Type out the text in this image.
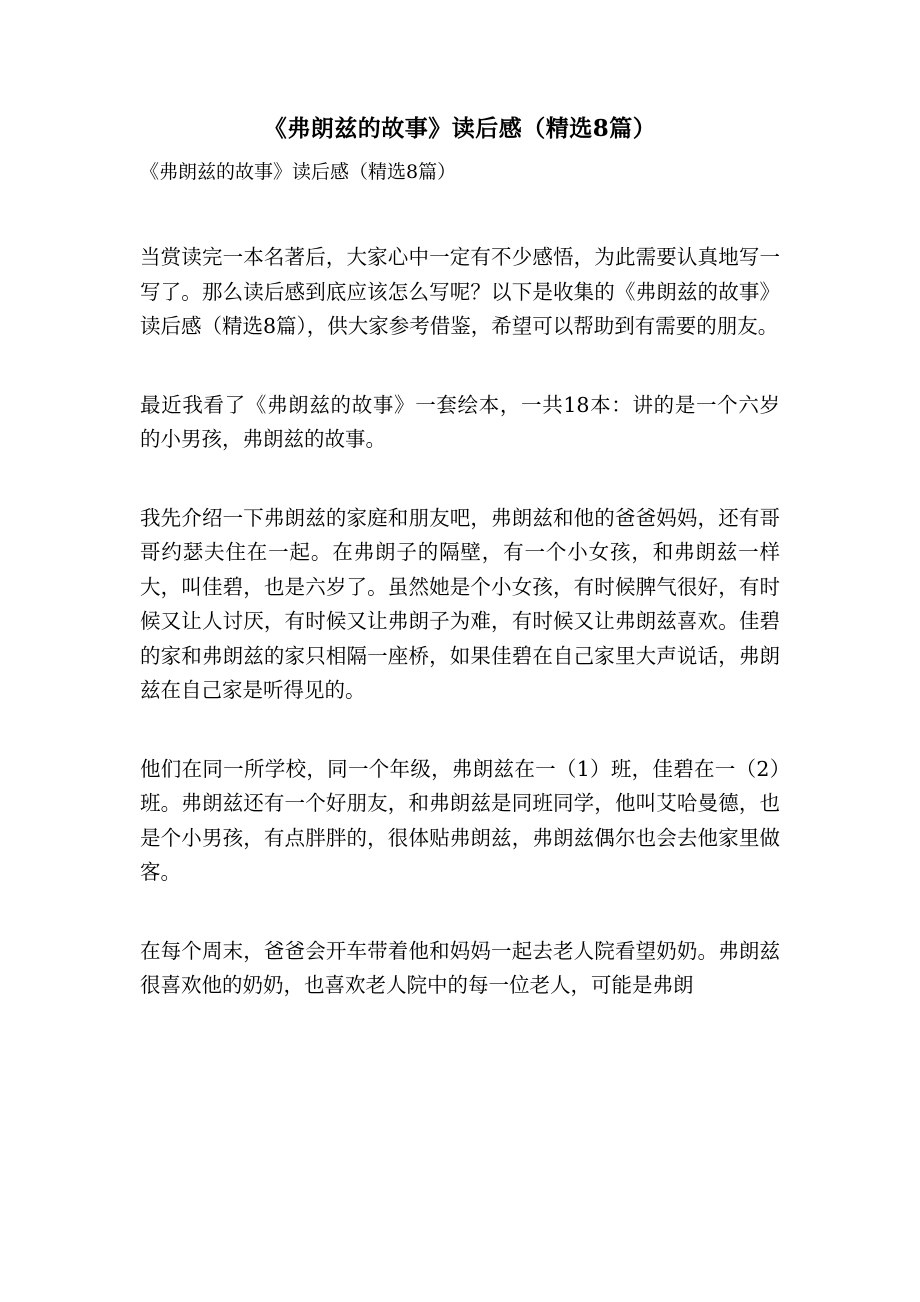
《弗朗兹的故事》读后感（精选8篇）
《弗朗兹的故事》读后感（精选8篇）

当赏读完一本名著后，大家心中一定有不少感悟，为此需要认真地写一写了。那么读后感到底应该怎么写呢？以下是收集的《弗朗兹的故事》读后感（精选8篇），供大家参考借鉴，希望可以帮助到有需要的朋友。

最近我看了《弗朗兹的故事》一套绘本，一共18本：讲的是一个六岁的小男孩，弗朗兹的故事。

我先介绍一下弗朗兹的家庭和朋友吧，弗朗兹和他的爸爸妈妈，还有哥哥约瑟夫住在一起。在弗朗子的隔壁，有一个小女孩，和弗朗兹一样大，叫佳碧，也是六岁了。虽然她是个小女孩，有时候脾气很好，有时候又让人讨厌，有时候又让弗朗子为难，有时候又让弗朗兹喜欢。佳碧的家和弗朗兹的家只相隔一座桥，如果佳碧在自己家里大声说话，弗朗兹在自己家是听得见的。

他们在同一所学校，同一个年级，弗朗兹在一（1）班，佳碧在一（2）班。弗朗兹还有一个好朋友，和弗朗兹是同班同学，他叫艾哈曼德，也是个小男孩，有点胖胖的，很体贴弗朗兹，弗朗兹偶尔也会去他家里做客。

在每个周末，爸爸会开车带着他和妈妈一起去老人院看望奶奶。弗朗兹很喜欢他的奶奶，也喜欢老人院中的每一位老人，可能是弗朗
